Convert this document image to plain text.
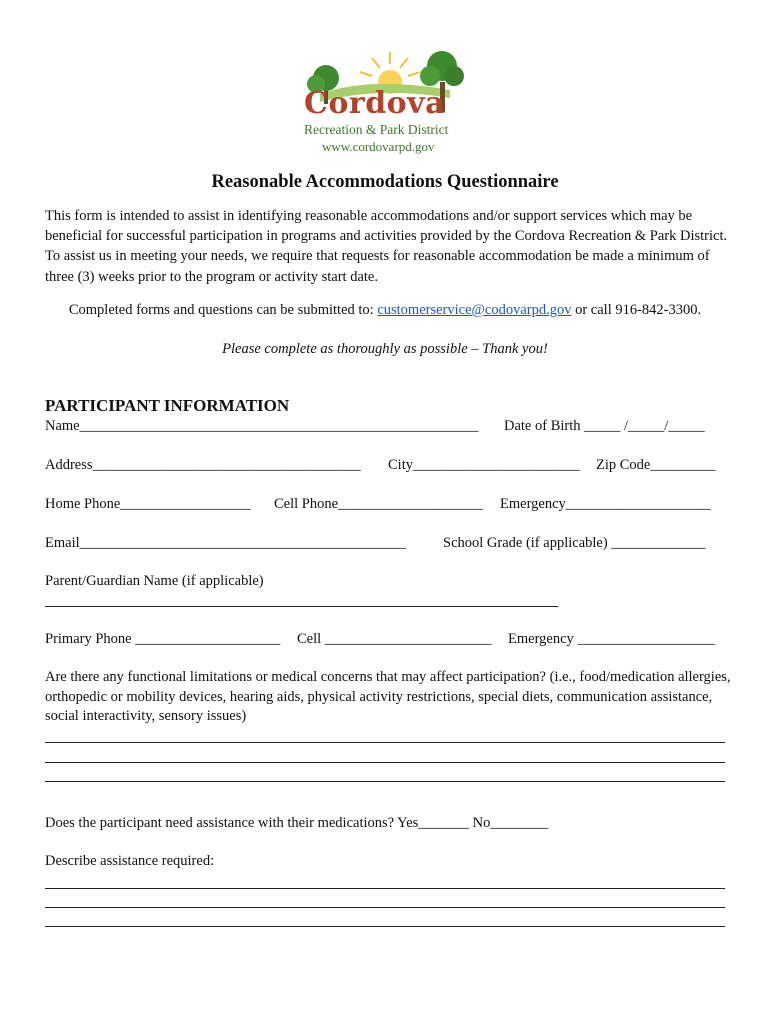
Cordova
Recreation & Park District
www.cordovarpd.gov
Reasonable Accommodations Questionnaire
This form is intended to assist in identifying reasonable accommodations and/or support services which may be beneficial for successful participation in programs and activities provided by the Cordova Recreation & Park District. To assist us in meeting your needs, we require that requests for reasonable accommodation be made a minimum of three (3) weeks prior to the program or activity start date.
Completed forms and questions can be submitted to: customerservice@codovarpd.gov or call 916-842-3300.
Please complete as thoroughly as possible – Thank you!
PARTICIPANT INFORMATION
Name_______________________________________________________ Date of Birth _____ /_____/_____
Address_____________________________________ City_______________________ Zip Code_________
Home Phone__________________ Cell Phone____________________ Emergency____________________
Email_____________________________________________	School Grade (if applicable) _____________
Parent/Guardian Name (if applicable)
Primary Phone ____________________ Cell _______________________ Emergency ___________________
Are there any functional limitations or medical concerns that may affect participation? (i.e., food/medication allergies, orthopedic or mobility devices, hearing aids, physical activity restrictions, special diets, communication assistance, social interactivity, sensory issues)
Does the participant need assistance with their medications? Yes_______ No________
Describe assistance required:
